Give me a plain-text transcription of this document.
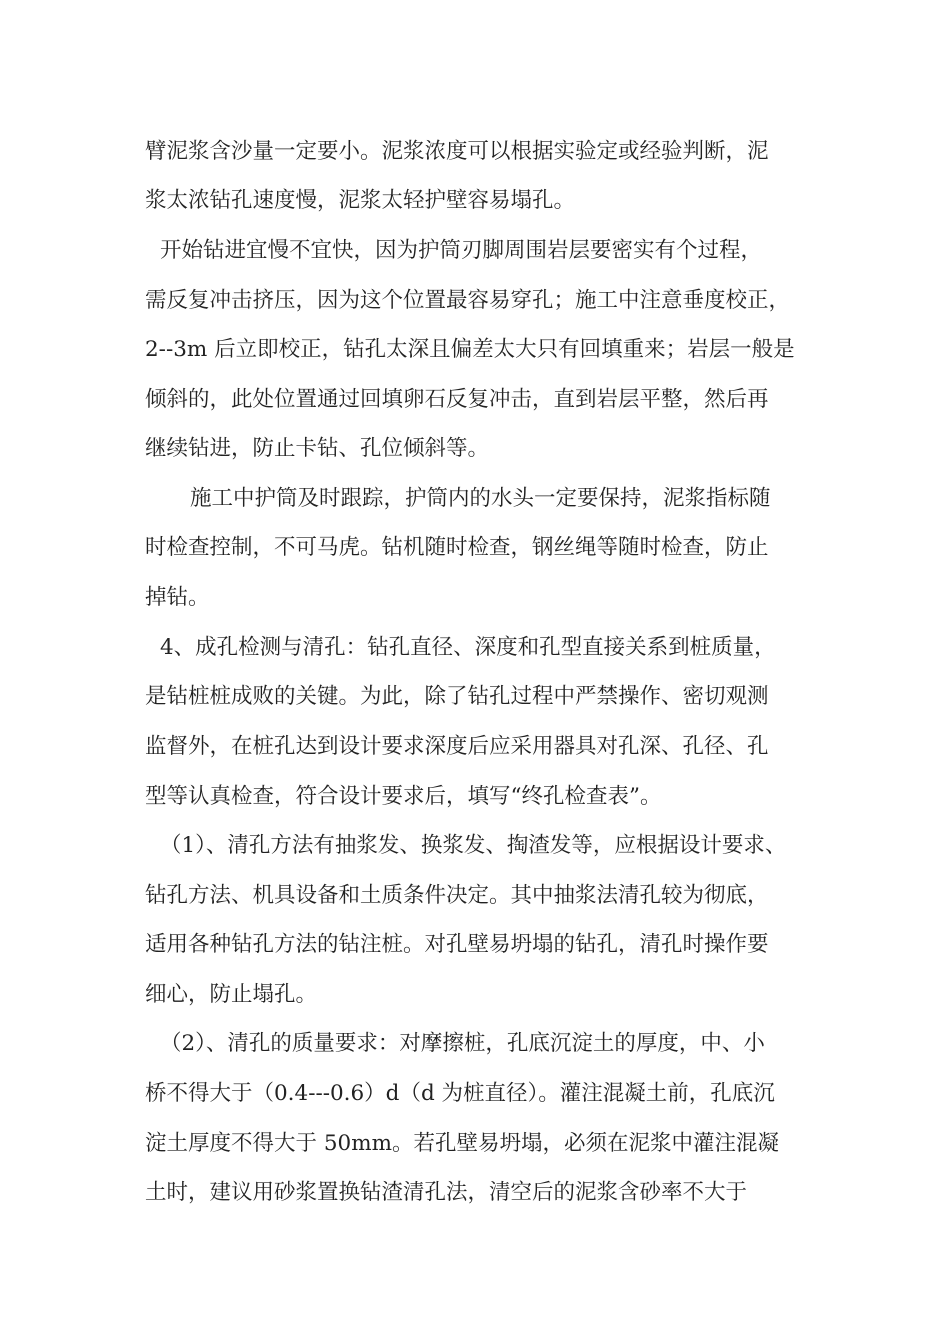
臂泥浆含沙量一定要小。泥浆浓度可以根据实验定或经验判断，泥
浆太浓钻孔速度慢，泥浆太轻护壁容易塌孔。
开始钻进宜慢不宜快，因为护筒刃脚周围岩层要密实有个过程，
需反复冲击挤压，因为这个位置最容易穿孔；施工中注意垂度校正，
2--3m 后立即校正，钻孔太深且偏差太大只有回填重来；岩层一般是
倾斜的，此处位置通过回填卵石反复冲击，直到岩层平整，然后再
继续钻进，防止卡钻、孔位倾斜等。
施工中护筒及时跟踪，护筒内的水头一定要保持，泥浆指标随
时检查控制，不可马虎。钻机随时检查，钢丝绳等随时检查，防止
掉钻。
4、成孔检测与清孔：钻孔直径、深度和孔型直接关系到桩质量，
是钻桩桩成败的关键。为此，除了钻孔过程中严禁操作、密切观测
监督外，在桩孔达到设计要求深度后应采用器具对孔深、孔径、孔
型等认真检查，符合设计要求后，填写“终孔检查表”。
（1）、清孔方法有抽浆发、换浆发、掏渣发等，应根据设计要求、
钻孔方法、机具设备和土质条件决定。其中抽浆法清孔较为彻底，
适用各种钻孔方法的钻注桩。对孔壁易坍塌的钻孔，清孔时操作要
细心，防止塌孔。
（2）、清孔的质量要求：对摩擦桩，孔底沉淀土的厚度，中、小
桥不得大于（0.4---0.6）d（d 为桩直径）。灌注混凝土前，孔底沉
淀土厚度不得大于 50mm。若孔壁易坍塌，必须在泥浆中灌注混凝
土时，建议用砂浆置换钻渣清孔法，清空后的泥浆含砂率不大于
